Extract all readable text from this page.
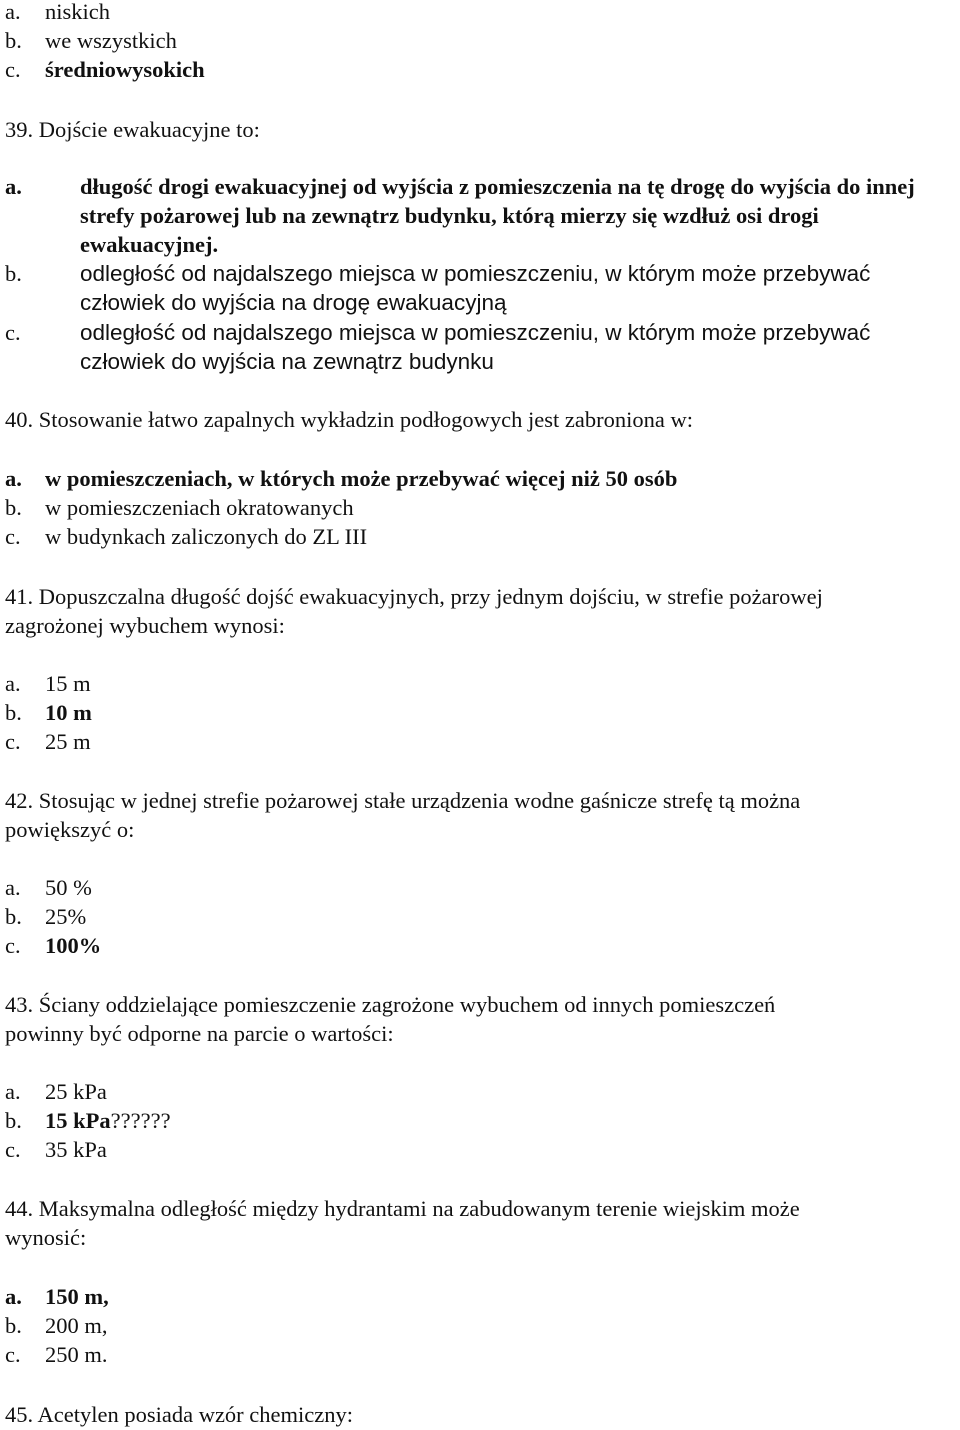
a. niskich
b. we wszystkich
c. średniowysokich
39. Dojście ewakuacyjne to:
a.	długość drogi ewakuacyjnej od wyjścia z pomieszczenia na tę drogę do wyjścia do innej strefy pożarowej lub na zewnątrz budynku, którą mierzy się wzdłuż osi drogi ewakuacyjnej.
b.	odległość od najdalszego miejsca w pomieszczeniu, w którym może przebywać człowiek do wyjścia na drogę ewakuacyjną
c.	odległość od najdalszego miejsca w pomieszczeniu, w którym może przebywać człowiek do wyjścia na zewnątrz budynku
40. Stosowanie łatwo zapalnych wykładzin podłogowych jest zabroniona w:
a. w pomieszczeniach, w których może przebywać więcej niż 50 osób
b. w pomieszczeniach okratowanych
c. w budynkach zaliczonych do ZL III
41. Dopuszczalna długość dojść ewakuacyjnych, przy jednym dojściu, w strefie pożarowej
zagrożonej wybuchem wynosi:
a. 15 m
b. 10 m
c. 25 m
42. Stosując w jednej strefie pożarowej stałe urządzenia wodne gaśnicze strefę tą można
powiększyć o:
a. 50 %
b. 25%
c. 100%
43. Ściany oddzielające pomieszczenie zagrożone wybuchem od innych pomieszczeń
powinny być odporne na parcie o wartości:
a. 25 kPa
b. 15 kPa??????
c. 35 kPa
44. Maksymalna odległość między hydrantami na zabudowanym terenie wiejskim może
wynosić:
a. 150 m,
b. 200 m,
c. 250 m.
45. Acetylen posiada wzór chemiczny:
